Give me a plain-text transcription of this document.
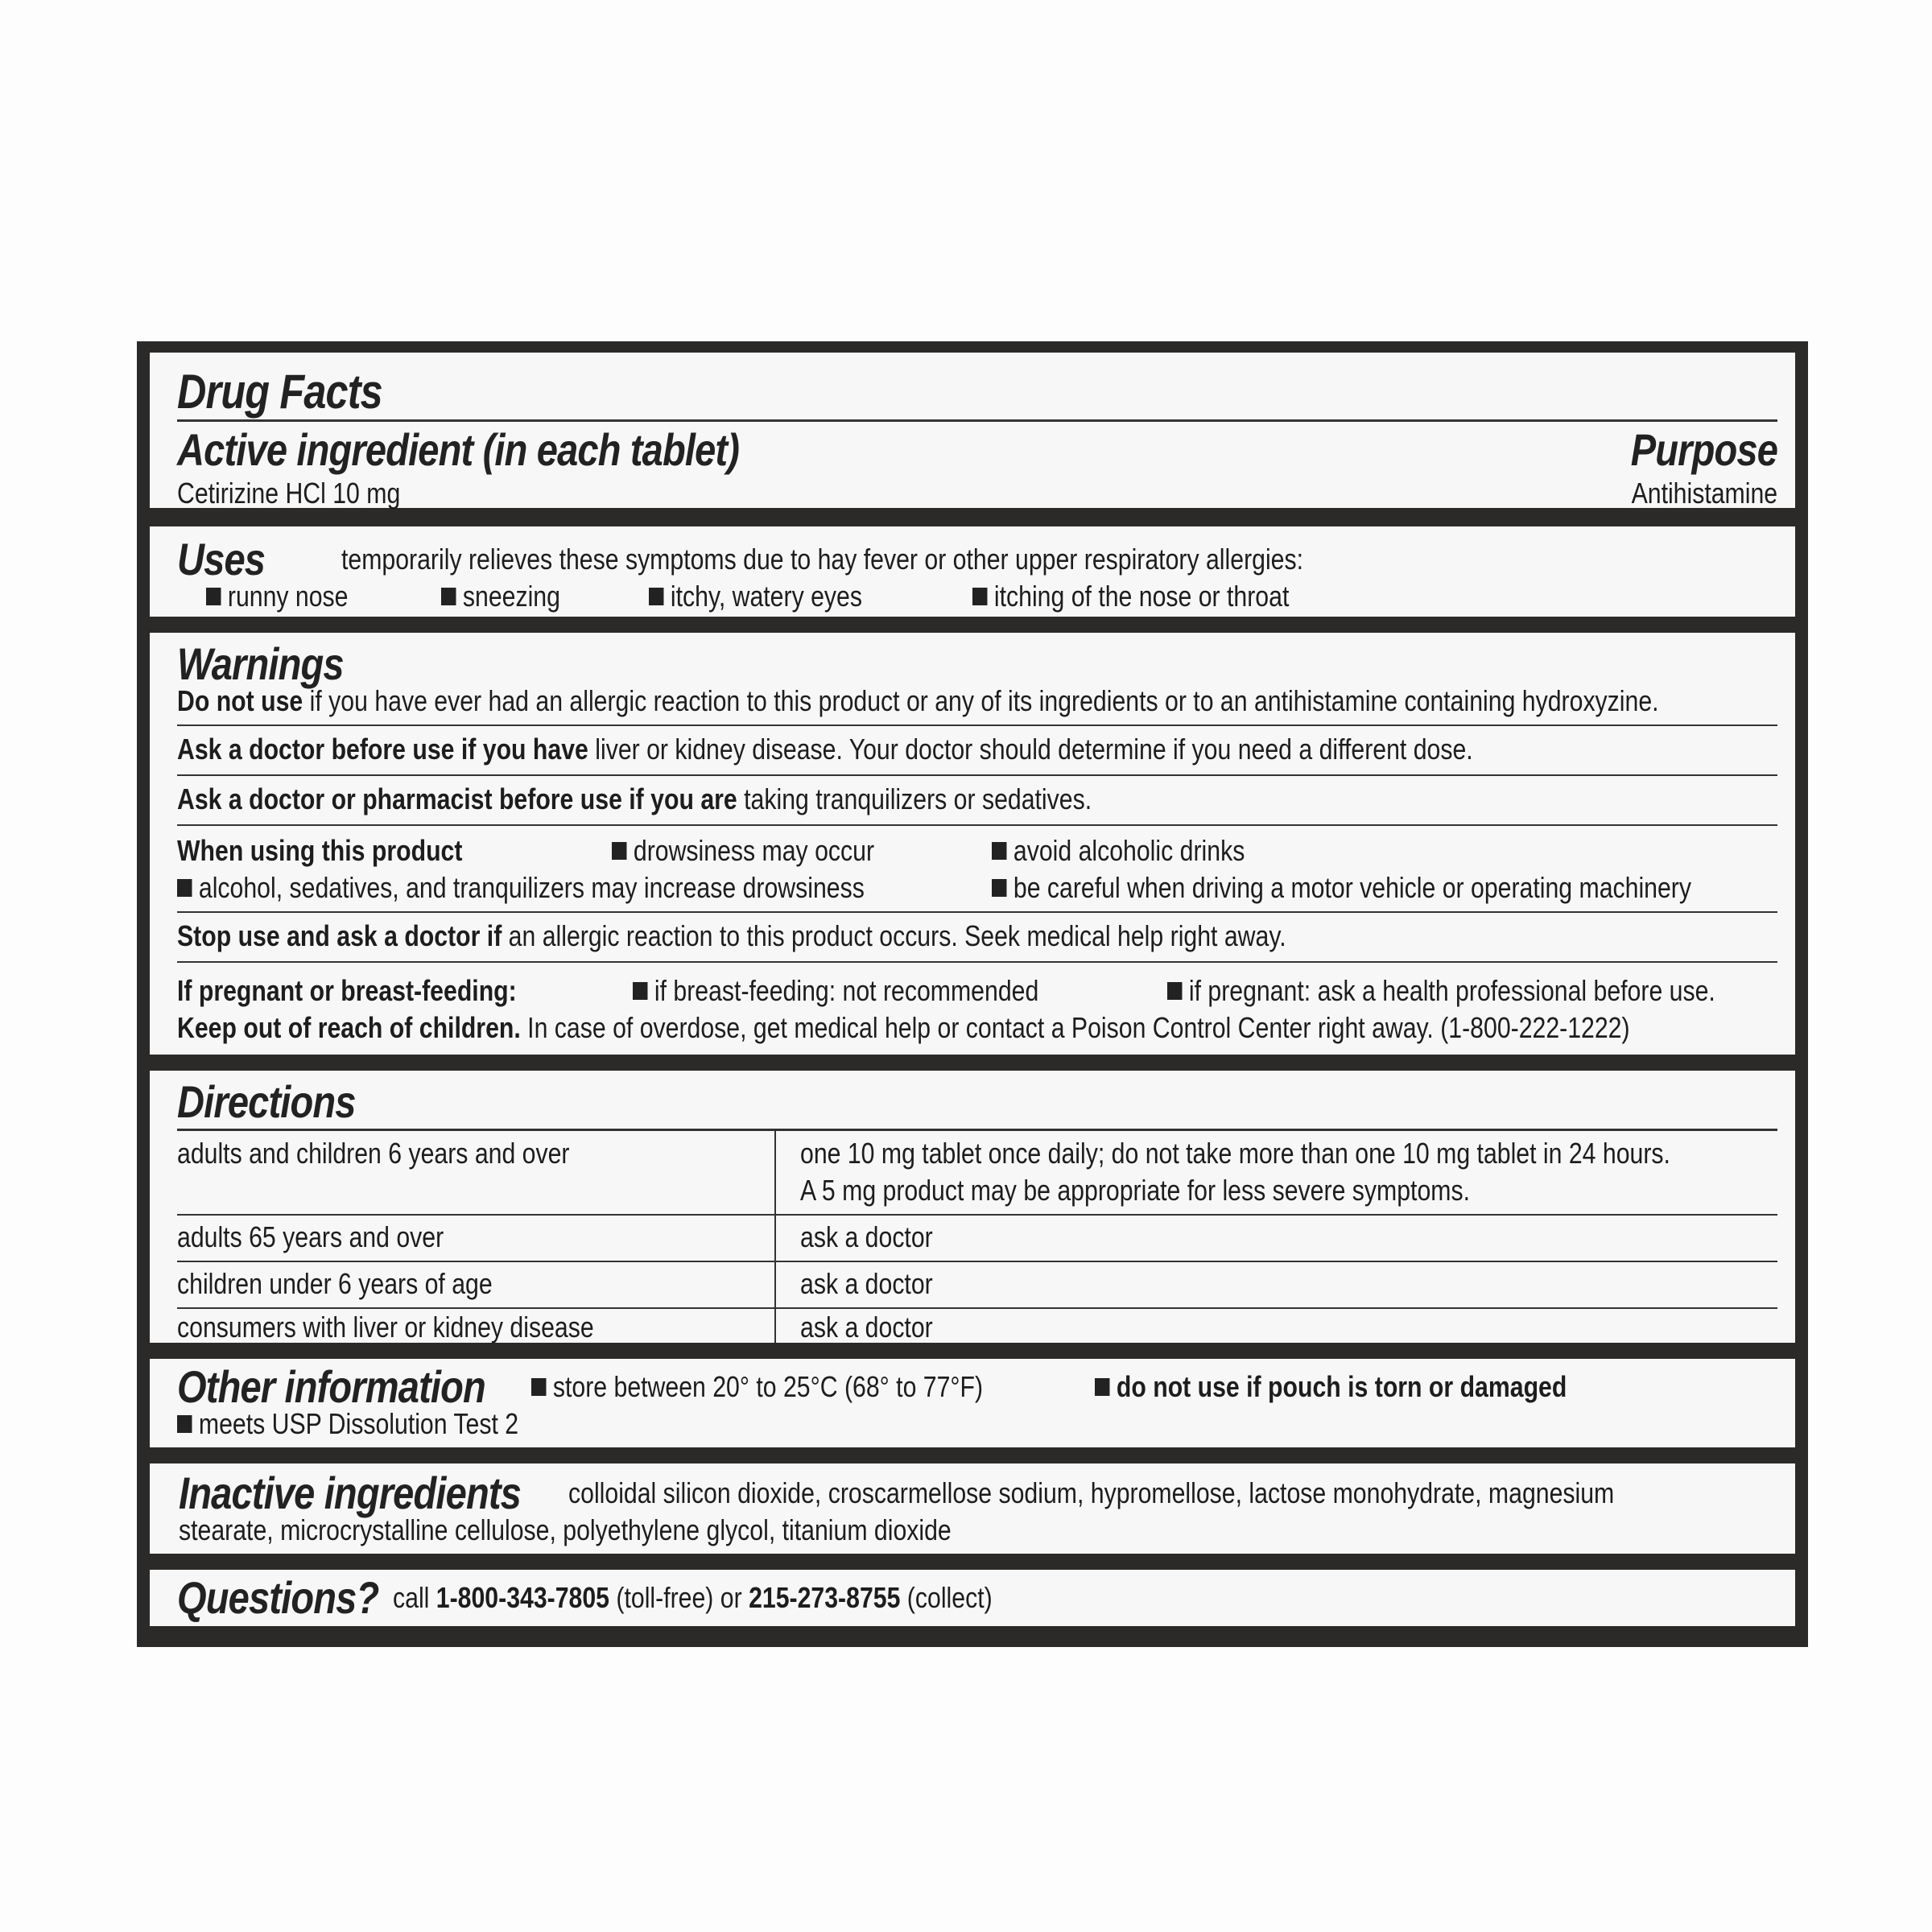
Drug Facts
Active ingredient (in each tablet)	Purpose
Cetirizine HCl 10 mg	Antihistamine
Uses	temporarily relieves these symptoms due to hay fever or other upper respiratory allergies:
runny nose	sneezing	itchy, watery eyes	itching of the nose or throat
Warnings
Do not use if you have ever had an allergic reaction to this product or any of its ingredients or to an antihistamine containing hydroxyzine.
Ask a doctor before use if you have liver or kidney disease. Your doctor should determine if you need a different dose.
Ask a doctor or pharmacist before use if you are taking tranquilizers or sedatives.
When using this product	drowsiness may occur	avoid alcoholic drinks
alcohol, sedatives, and tranquilizers may increase drowsiness	be careful when driving a motor vehicle or operating machinery
Stop use and ask a doctor if an allergic reaction to this product occurs. Seek medical help right away.
If pregnant or breast-feeding:	if breast-feeding: not recommended	if pregnant: ask a health professional before use.
Keep out of reach of children. In case of overdose, get medical help or contact a Poison Control Center right away. (1-800-222-1222)
Directions
adults and children 6 years and over	one 10 mg tablet once daily; do not take more than one 10 mg tablet in 24 hours.
A 5 mg product may be appropriate for less severe symptoms.
adults 65 years and over	ask a doctor
children under 6 years of age	ask a doctor
consumers with liver or kidney disease	ask a doctor
Other information	store between 20° to 25°C (68° to 77°F)	do not use if pouch is torn or damaged
meets USP Dissolution Test 2
Inactive ingredients colloidal silicon dioxide, croscarmellose sodium, hypromellose, lactose monohydrate, magnesium
stearate, microcrystalline cellulose, polyethylene glycol, titanium dioxide
Questions? call 1-800-343-7805 (toll-free) or 215-273-8755 (collect)
